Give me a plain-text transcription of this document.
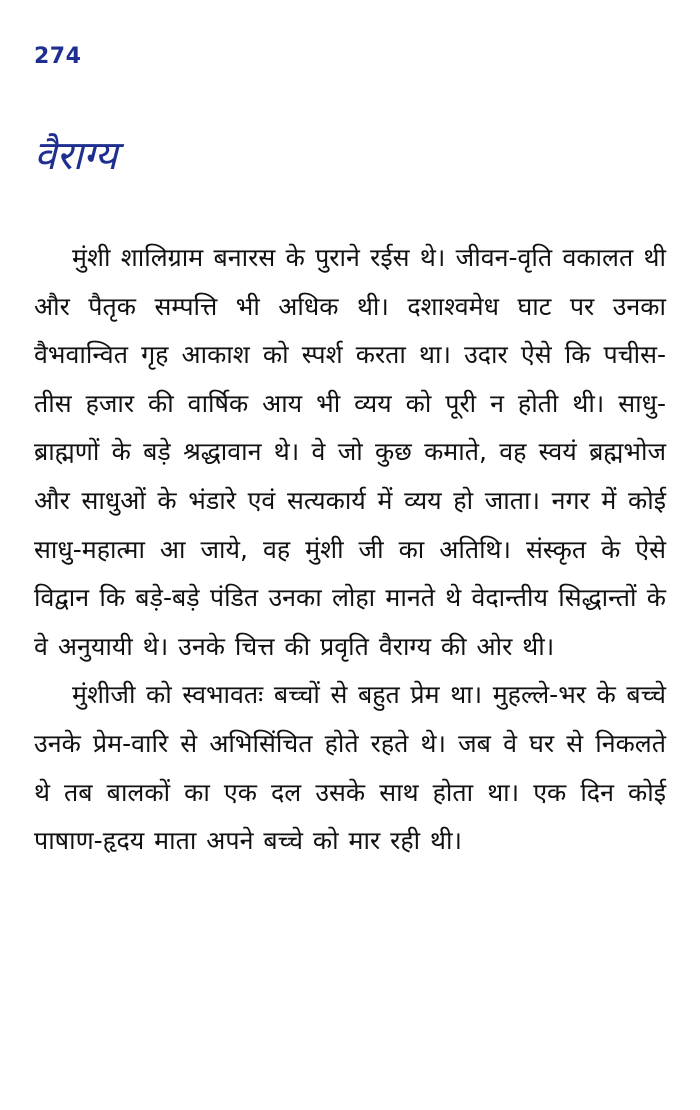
274
वैराग्य

मुंशी शालिग्राम बनारस के पुराने रईस थे। जीवन-वृति वकालत थी और पैतृक सम्पत्ति भी अधिक थी। दशाश्वमेध घाट पर उनका वैभवान्वित गृह आकाश को स्पर्श करता था। उदार ऐसे कि पचीस-तीस हजार की वार्षिक आय भी व्यय को पूरी न होती थी। साधु-ब्राह्मणों के बड़े श्रद्धावान थे। वे जो कुछ कमाते, वह स्वयं ब्रह्मभोज और साधुओं के भंडारे एवं सत्यकार्य में व्यय हो जाता। नगर में कोई साधु-महात्मा आ जाये, वह मुंशी जी का अतिथि। संस्कृत के ऐसे विद्वान कि बड़े-बड़े पंडित उनका लोहा मानते थे वेदान्तीय सिद्धान्तों के वे अनुयायी थे। उनके चित्त की प्रवृति वैराग्य की ओर थी।

मुंशीजी को स्वभावतः बच्चों से बहुत प्रेम था। मुहल्ले-भर के बच्चे उनके प्रेम-वारि से अभिसिंचित होते रहते थे। जब वे घर से निकलते थे तब बालकों का एक दल उसके साथ होता था। एक दिन कोई पाषाण-हृदय माता अपने बच्चे को मार रही थी।
